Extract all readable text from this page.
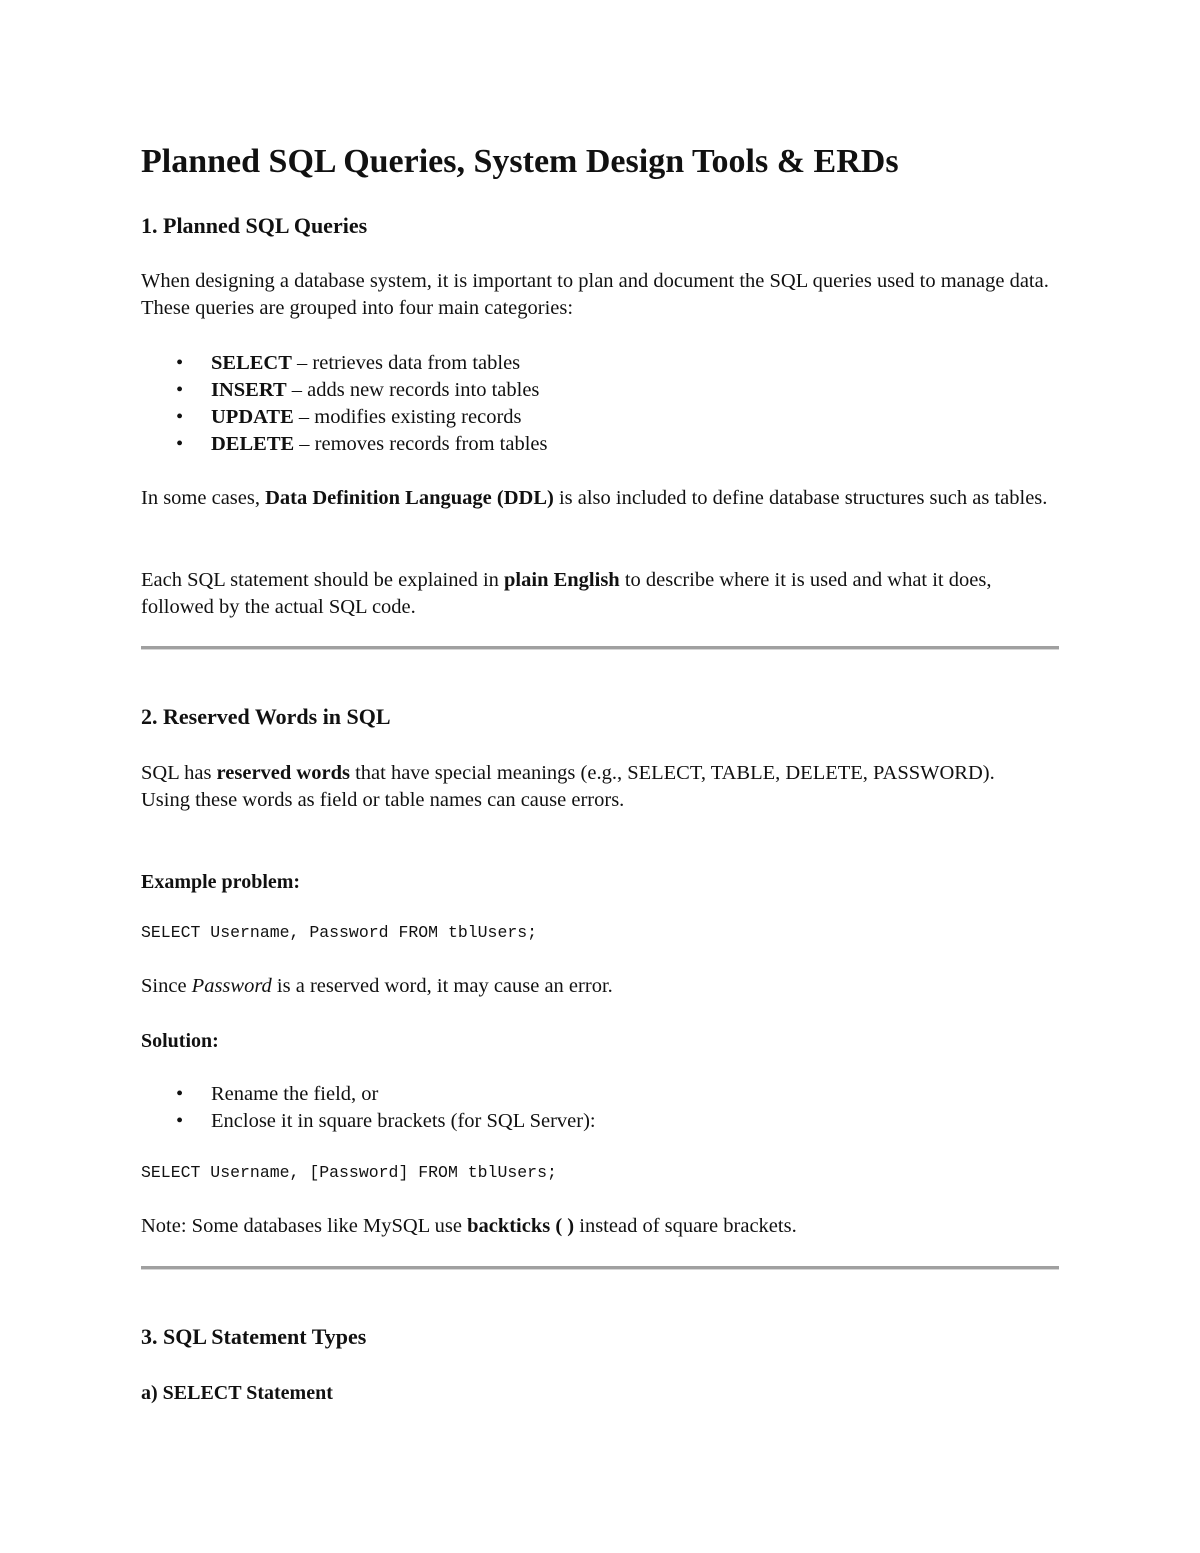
Planned SQL Queries, System Design Tools & ERDs
1. Planned SQL Queries

When designing a database system, it is important to plan and document the SQL queries used to manage data. These queries are grouped into four main categories:

• SELECT – retrieves data from tables
• INSERT – adds new records into tables
• UPDATE – modifies existing records
• DELETE – removes records from tables

In some cases, Data Definition Language (DDL) is also included to define database structures such as tables.

Each SQL statement should be explained in plain English to describe where it is used and what it does, followed by the actual SQL code.

2. Reserved Words in SQL

SQL has reserved words that have special meanings (e.g., SELECT, TABLE, DELETE, PASSWORD).
Using these words as field or table names can cause errors.

Example problem:

SELECT Username, Password FROM tblUsers;

Since Password is a reserved word, it may cause an error.

Solution:

• Rename the field, or
• Enclose it in square brackets (for SQL Server):

SELECT Username, [Password] FROM tblUsers;

Note: Some databases like MySQL use backticks ( ) instead of square brackets.

3. SQL Statement Types
a) SELECT Statement
